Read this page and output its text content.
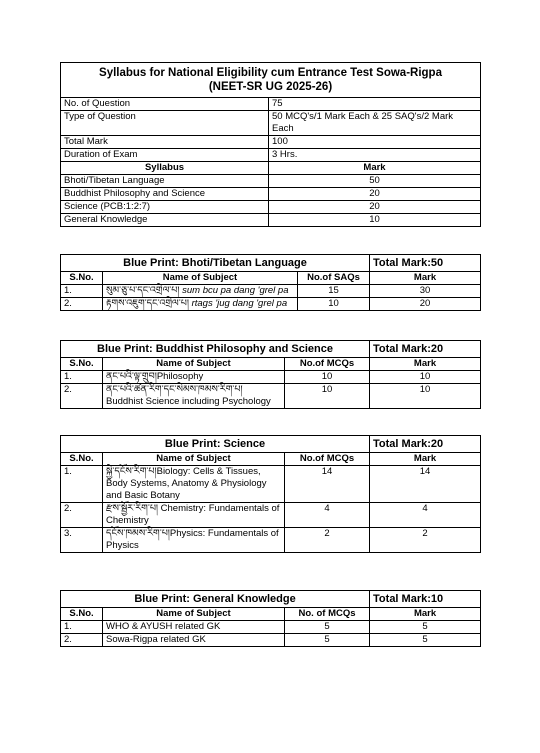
Syllabus for National Eligibility cum Entrance Test Sowa-Rigpa
(NEET-SR UG 2025-26)	

No. of Question	75
Type of Question	50 MCQ's/1 Mark Each & 25 SAQ's/2 Mark Each
Total Mark	100
Duration of Exam	3 Hrs.
Syllabus	Mark
Bhoti/Tibetan Language	50
Buddhist Philosophy and Science	20
Science (PCB:1:2:7)	20
General Knowledge	10
Blue Print: Bhoti/Tibetan Language			Total Mark:50
S.No.	Name of Subject	No.of SAQs	Mark
1.	སུམ་ཅུ་པ་དང་འགྲེལ་པ། sum bcu pa dang 'grel pa	15	30
2.	རྟགས་འཇུག་དང་འགྲེལ་པ། rtags 'jug dang 'grel pa	10	20
Blue Print: Buddhist Philosophy and Science			Total Mark:20
S.No.	Name of Subject	No.of MCQs	Mark
1.	ནང་པའི་ལྟ་གྲུབ།Philosophy	10	10
2.	ནང་པའི་ཚན་རིག་དང་སེམས་ཁམས་རིག་པ།
Buddhist Science including Psychology	10	10
Blue Print: Science			Total Mark:20
S.No.	Name of Subject	No.of MCQs	Mark
1.	སྐྱེ་དངོས་རིག་པ།Biology: Cells & Tissues, Body Systems, Anatomy & Physiology and Basic Botany	14	14
2.	རྫས་སྦྱོར་རིག་པ། Chemistry: Fundamentals of Chemistry	4	4
3.	དངོས་ཁམས་རིག་པ།Physics: Fundamentals of Physics	2	2
Blue Print: General Knowledge			Total Mark:10
S.No.	Name of Subject	No. of MCQs	Mark
1.	WHO & AYUSH related GK	5	5
2.	Sowa-Rigpa related GK	5	5
